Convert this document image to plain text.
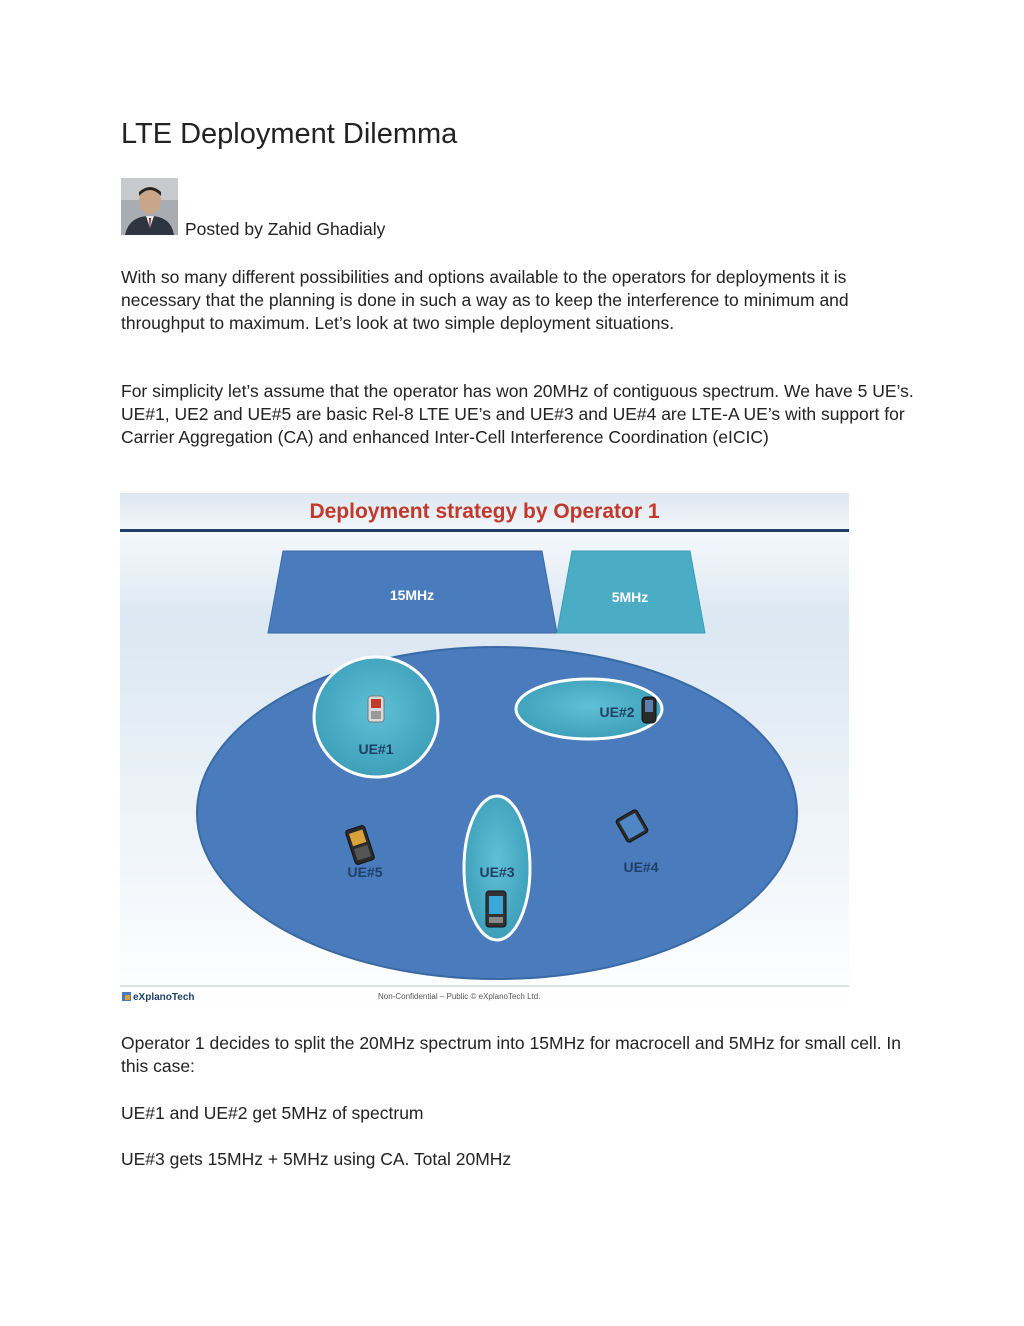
LTE Deployment Dilemma
Posted by Zahid Ghadialy

With so many different possibilities and options available to the operators for deployments it is necessary that the planning is done in such a way as to keep the interference to minimum and throughput to maximum. Let’s look at two simple deployment situations.

For simplicity let’s assume that the operator has won 20MHz of contiguous spectrum. We have 5 UE’s. UE#1, UE2 and UE#5 are basic Rel-8 LTE UE’s and UE#3 and UE#4 are LTE-A UE’s with support for Carrier Aggregation (CA) and enhanced Inter-Cell Interference Coordination (eICIC)

15MHz	5MHz
UE#1
UE#2
UE#3	UE#4
UE#5
eXplanoTech	Non-Confidential – Public © eXplanoTech Ltd.
Deployment strategy by Operator 1

Operator 1 decides to split the 20MHz spectrum into 15MHz for macrocell and 5MHz for small cell. In this case:

UE#1 and UE#2 get 5MHz of spectrum

UE#3 gets 15MHz + 5MHz using CA. Total 20MHz
